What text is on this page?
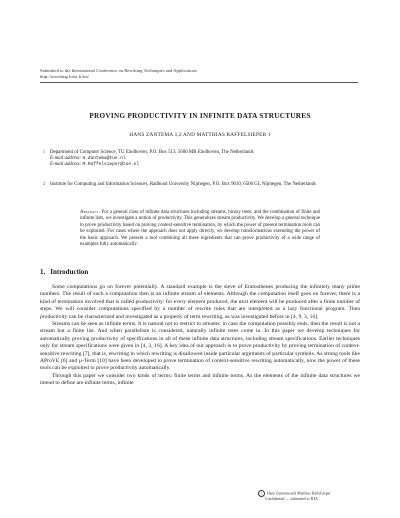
Submitted to the International Conference on Rewriting Techniques and Applications
http://rewriting.loria.fr/rta/
PROVING PRODUCTIVITY IN INFINITE DATA STRUCTURES
HANS ZANTEMA 1,2 AND MATTHIAS RAFFELSIEPER 1
1 Department of Computer Science, TU Eindhoven, P.O. Box 513, 5600 MB Eindhoven, The Netherlands
E-mail address: H.Zantema@tue.nl
E-mail address: M.Raffelsieper@tue.nl
2 Institute for Computing and Information Sciences, Radboud University Nijmegen, P.O. Box 9010, 6500 GL Nijmegen, The Netherlands
Abstract. For a general class of infinite data structures including streams, binary trees, and the combination of finite and infinite lists, we investigate a notion of productivity. This generalizes stream productivity. We develop a general technique to prove productivity based on proving context-sensitive termination, by which the power of present termination tools can be exploited. For cases where the approach does not apply directly, we develop transformations extending the power of the basic approach. We present a tool combining all these ingredients that can prove productivity of a wide range of examples fully automatically.
1. Introduction

Some computations go on forever potentially. A standard example is the sieve of Eratosthenes producing the infinitely many prime numbers. The result of such a computation then is an infinite stream of elements. Although the computation itself goes on forever, there is a kind of termination involved that is called productivity: for every element produced, the next element will be produced after a finite number of steps. We will consider computations specified by a number of rewrite rules that are interpreted as a lazy functional program. Then productivity can be characterized and investigated as a property of term rewriting, as was investigated before in [4, 9, 3, 16].

Streams can be seen as infinite terms. It is natural not to restrict to streams: in case the computation possibly ends, then the result is not a stream but a finite list. And when parallelism is considered, naturally infinite trees come in. In this paper we develop techniques for automatically proving productivity of specifications in all of these infinite data structures, including stream specifications. Earlier techniques only for stream specifications were given in [4, 3, 16]. A key idea of our approach is to prove productivity by proving termination of context-sensitive rewriting [7], that is, rewriting in which rewriting is disallowed inside particular arguments of particular symbols. As strong tools like AProVE [6] and µ-Term [10] have been developed to prove termination of context-sensitive rewriting automatically, now the power of these tools can be exploited to prove productivity automatically.

Through this paper we consider two kinds of terms: finite terms and infinite terms. As the elements of the infinite data structures we intend to define are infinite terms, infinite

c Hans Zantema and Matthias Raffelsieper
Confidential — submitted to RTA
